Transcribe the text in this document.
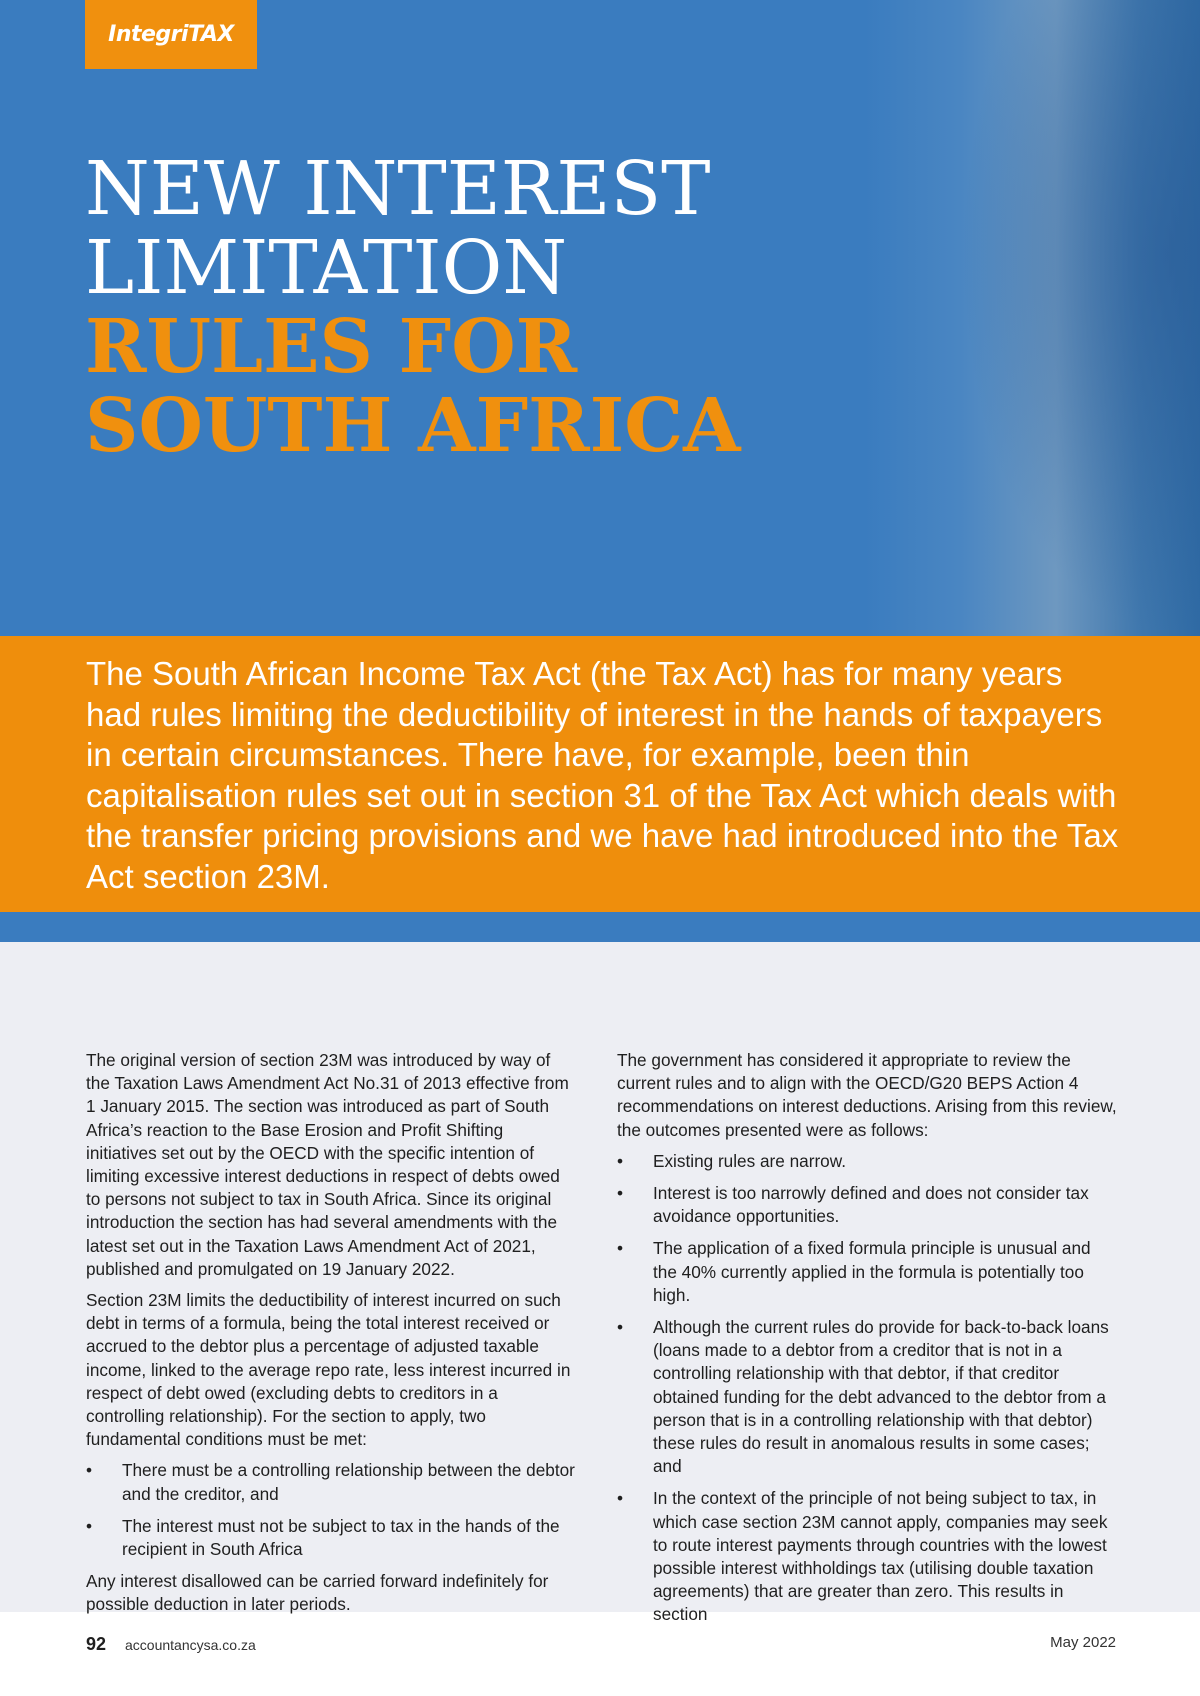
IntegriTAX
NEW INTEREST
LIMITATION
RULES FOR
SOUTH AFRICA

The South African Income Tax Act (the Tax Act) has for many years had rules limiting the deductibility of interest in the hands of taxpayers in certain circumstances. There have, for example, been thin capitalisation rules set out in section 31 of the Tax Act which deals with the transfer pricing provisions and we have had introduced into the Tax Act section 23M.

The original version of section 23M was introduced by way of the Taxation Laws Amendment Act No.31 of 2013 effective from 1 January 2015. The section was introduced as part of South Africa’s reaction to the Base Erosion and Profit Shifting initiatives set out by the OECD with the specific intention of limiting excessive interest deductions in respect of debts owed to persons not subject to tax in South Africa. Since its original introduction the section has had several amendments with the latest set out in the Taxation Laws Amendment Act of 2021, published and promulgated on 19 January 2022.

Section 23M limits the deductibility of interest incurred on such debt in terms of a formula, being the total interest received or accrued to the debtor plus a percentage of adjusted taxable income, linked to the average repo rate, less interest incurred in respect of debt owed (excluding debts to creditors in a controlling relationship). For the section to apply, two fundamental conditions must be met:

• There must be a controlling relationship between the debtor and the creditor, and
• The interest must not be subject to tax in the hands of the recipient in South Africa

Any interest disallowed can be carried forward indefinitely for possible deduction in later periods.

The government has considered it appropriate to review the current rules and to align with the OECD/G20 BEPS Action 4 recommendations on interest deductions. Arising from this review, the outcomes presented were as follows:

• Existing rules are narrow.
• Interest is too narrowly defined and does not consider tax avoidance opportunities.
• The application of a fixed formula principle is unusual and the 40% currently applied in the formula is potentially too high.
• Although the current rules do provide for back-to-back loans (loans made to a debtor from a creditor that is not in a controlling relationship with that debtor, if that creditor obtained funding for the debt advanced to the debtor from a person that is in a controlling relationship with that debtor) these rules do result in anomalous results in some cases; and
• In the context of the principle of not being subject to tax, in which case section 23M cannot apply, companies may seek to route interest payments through countries with the lowest possible interest withholdings tax (utilising double taxation agreements) that are greater than zero. This results in section
92 accountancysa.co.za	May 2022
